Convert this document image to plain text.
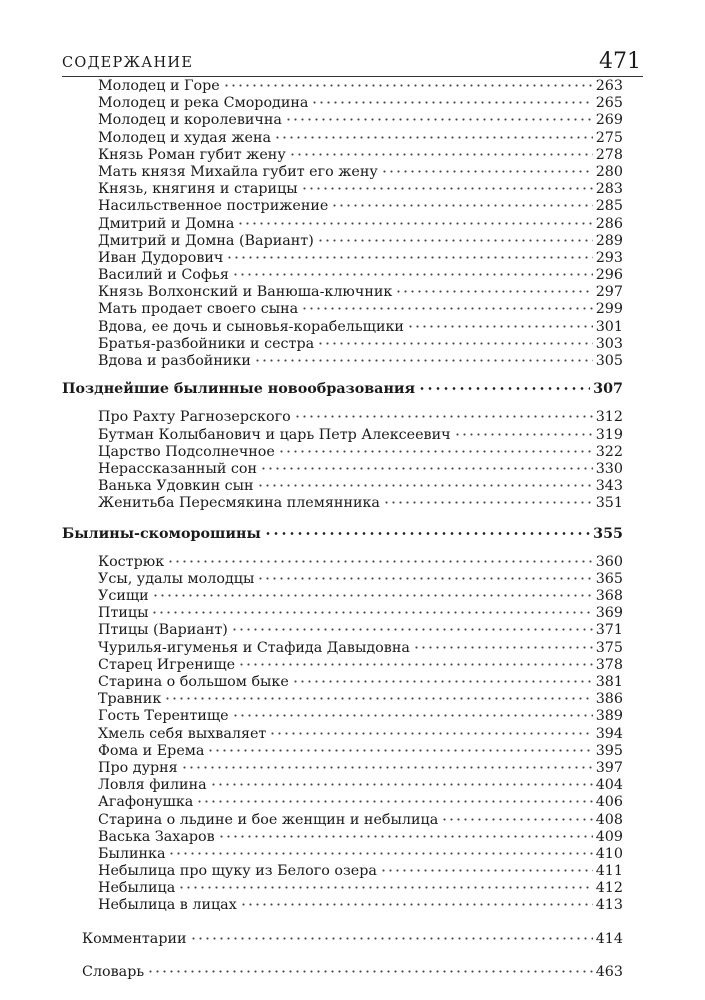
СОДЕРЖАНИЕ	471
Молодец и Горе	263
Молодец и река Смородина	265
Молодец и королевична	269
Молодец и худая жена	275
Князь Роман губит жену	278
Мать князя Михайла губит его жену	280
Князь, княгиня и старицы	283
Насильственное пострижение	285
Дмитрий и Домна	286
Дмитрий и Домна (Вариант)	289
Иван Дудорович	293
Василий и Софья	296
Князь Волхонский и Ванюша-ключник	297
Мать продает своего сына	299
Вдова, ее дочь и сыновья-корабельщики	301
Братья-разбойники и сестра	303
Вдова и разбойники	305
Позднейшие былинные новообразования	307
Про Рахту Рагнозерского	312
Бутман Колыбанович и царь Петр Алексеевич	319
Царство Подсолнечное	322
Нерассказанный сон	330
Ванька Удовкин сын	343
Женитьба Пересмякина племянника	351
Былины-скоморошины	355
Кострюк	360
Усы, удалы молодцы	365
Усищи	368
Птицы	369
Птицы (Вариант)	371
Чурилья-игуменья и Стафида Давыдовна	375
Старец Игренище	378
Старина о большом быке	381
Травник	386
Гость Терентище	389
Хмель себя выхваляет	394
Фома и Ерема	395
Про дурня	397
Ловля филина	404
Агафонушка	406
Старина о льдине и бое женщин и небылица	408
Васька Захаров	409
Былинка	410
Небылица про щуку из Белого озера	411
Небылица	412
Небылица в лицах	413
Комментарии	414
Словарь	463
